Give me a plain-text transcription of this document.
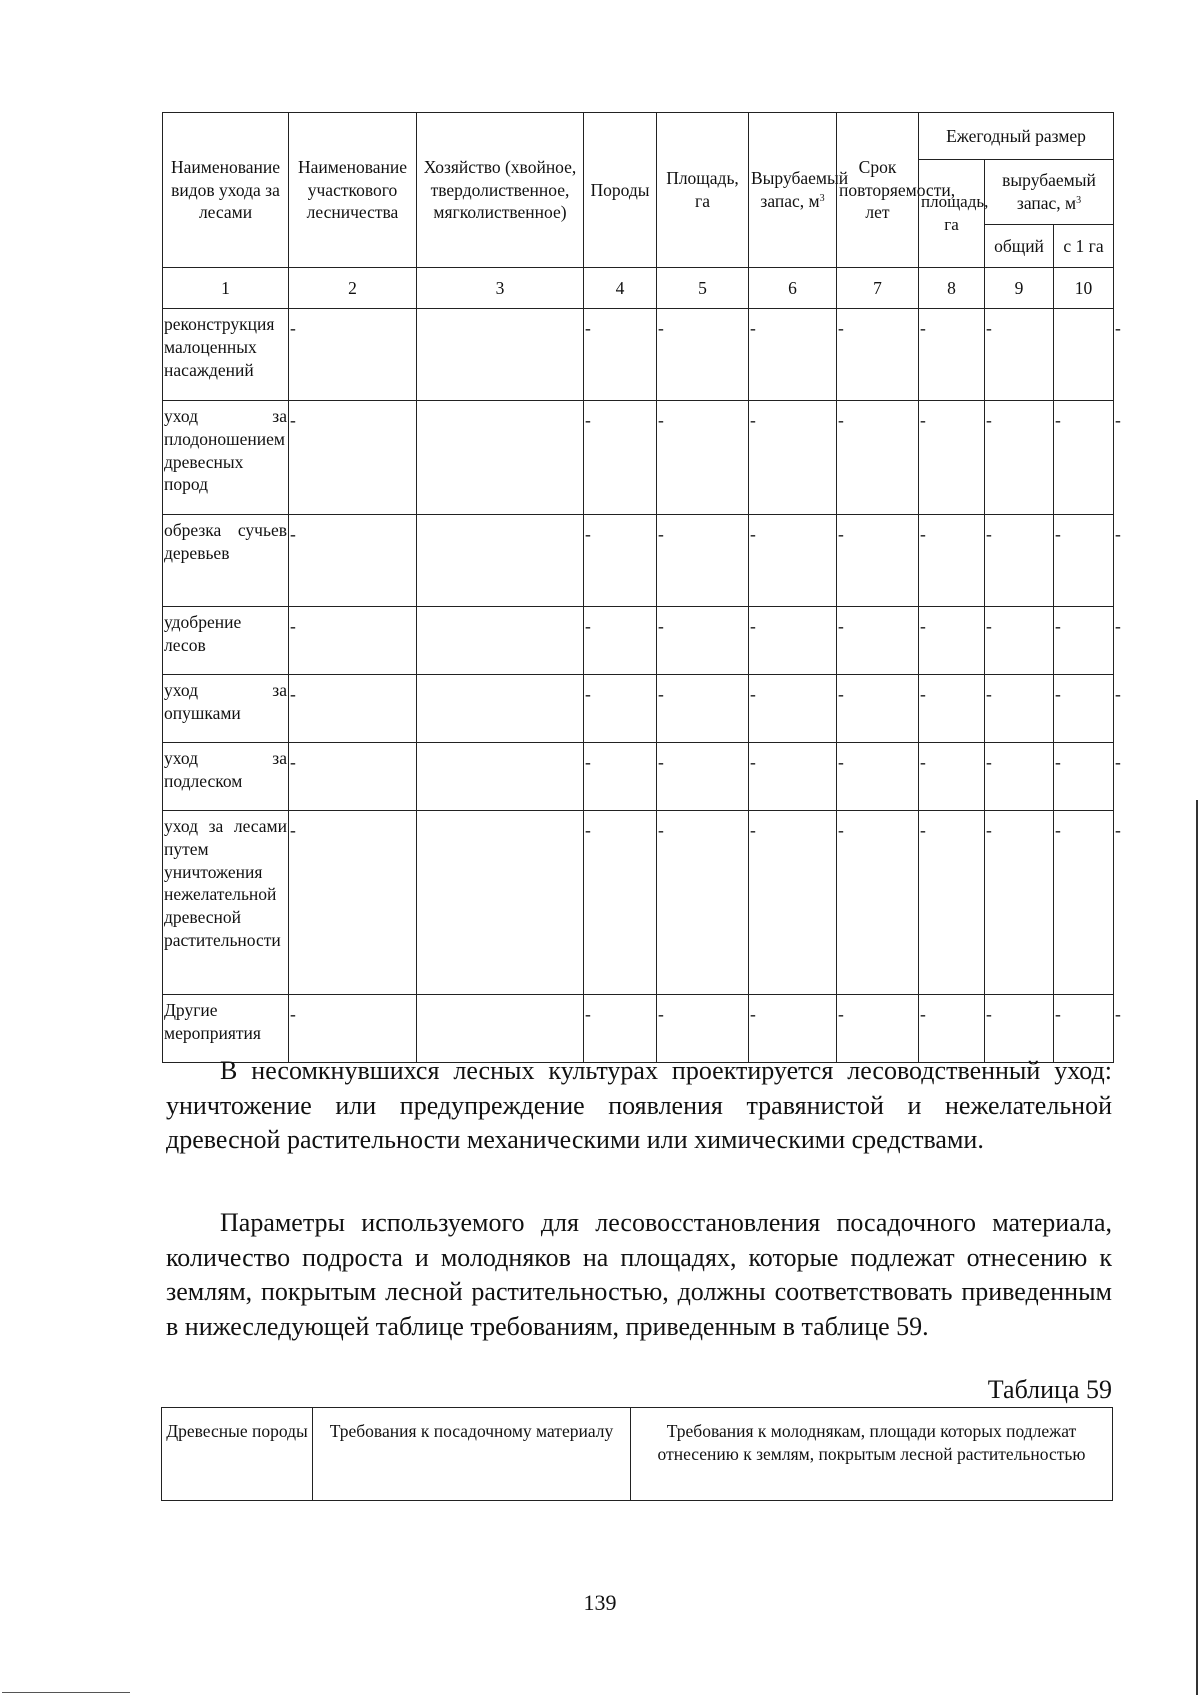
Наименование видов ухода за лесами	Наименование участкового лесничества	Хозяйство (хвойное, твердолиственное, мягколиственное)	Породы	Площадь, га	Вырубаемый запас, $м^3$	Срок повторяемости, лет	Ежегодный размер			
							площадь, га	вырубаемый запас, $м^3$
								общий	с 1 га	
1	2	3	4	5	6	7	8	9	10	
реконструкция малоценных насаждений	-		-	-	-	-	-	-		-
уход за плодоношением древесных пород	-		-	-	-	-	-	-	-	-
обрезка сучьев деревьев	-		-	-	-	-	-	-	-	-
удобрение лесов	-		-	-	-	-	-	-	-	-
уход за опушками	-		-	-	-	-	-	-	-	-
уход за подлеском	-		-	-	-	-	-	-	-	-
уход за лесами путем уничтожения нежелательной древесной растительности	-		-	-	-	-	-	-	-	-
Другие мероприятия	-		-	-	-	-	-	-	-	-

В несомкнувшихся лесных культурах проектируется лесоводственный уход: уничтожение или предупреждение появления травянистой и нежелательной древесной растительности механическими или химическими средствами.

Параметры используемого для лесовосстановления посадочного материала, количество подроста и молодняков на площадях, которые подлежат отнесению к землям, покрытым лесной растительностью, должны соответствовать приведенным в нижеследующей таблице требованиям, приведенным в таблице 59.

Таблица 59
Древесные породы	Требования к посадочному материалу	Требования к молоднякам, площади которых подлежат отнесению к землям, покрытым лесной растительностью
139
